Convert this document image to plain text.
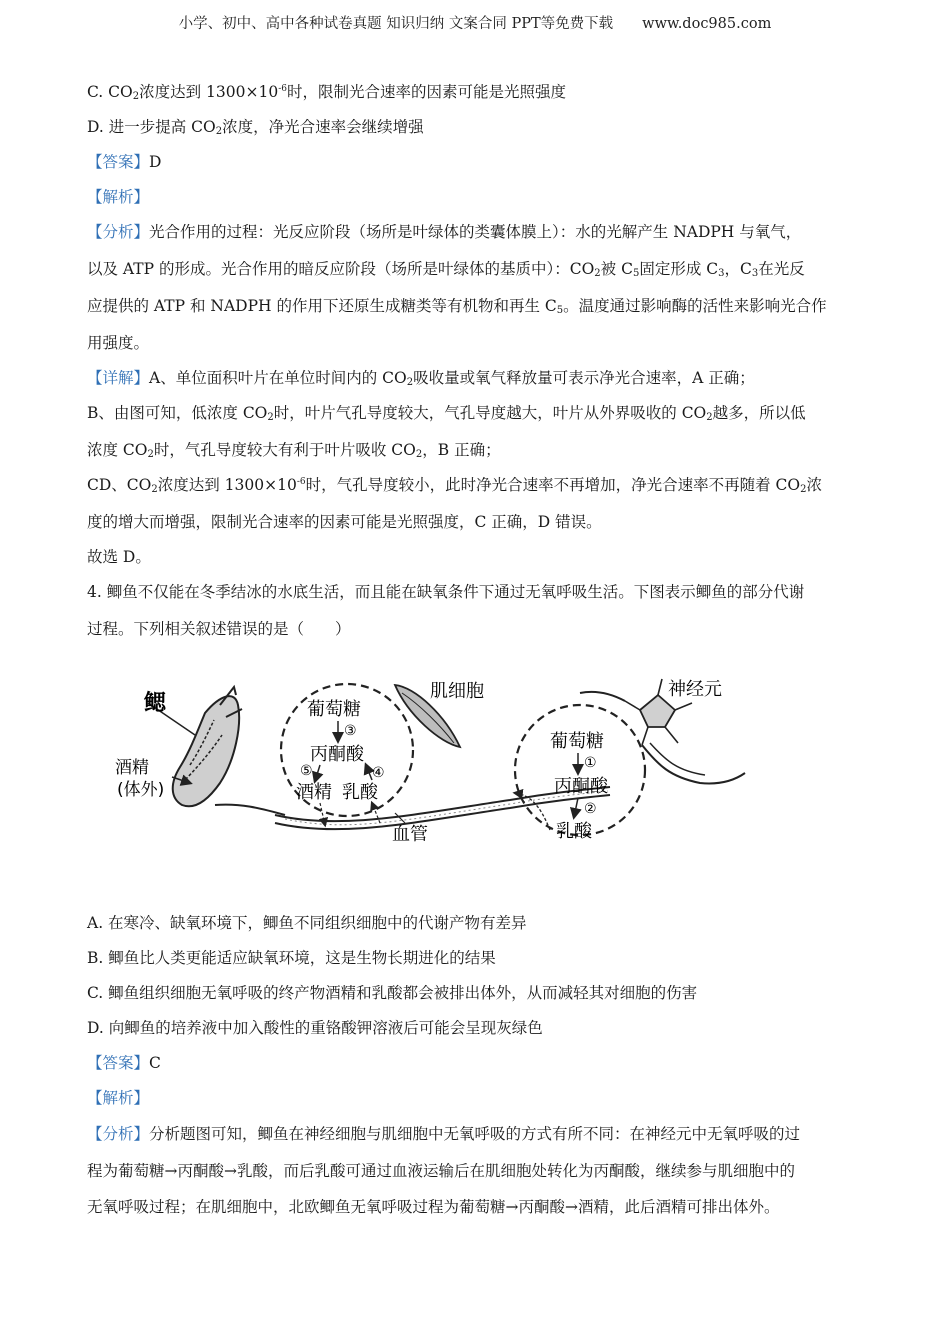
小学、初中、高中各种试卷真题 知识归纳 文案合同 PPT等免费下载　　www.doc985.com
C. $CO_2$浓度达到 $1300\times 10^{-6}$时，限制光合速率的因素可能是光照强度
D. 进一步提高 $CO_2$浓度，净光合速率会继续增强
【答案】D
【解析】
【分析】光合作用的过程：光反应阶段（场所是叶绿体的类囊体膜上）：水的光解产生 NADPH 与氧气，
以及 ATP 的形成。光合作用的暗反应阶段（场所是叶绿体的基质中）：$CO_2$被 $C_5$固定形成 $C_3$，$C_3$在光反
应提供的 ATP 和 NADPH 的作用下还原生成糖类等有机物和再生 $C_5$。温度通过影响酶的活性来影响光合作
用强度。
【详解】A、单位面积叶片在单位时间内的 $CO_2$吸收量或氧气释放量可表示净光合速率，A 正确；
B、由图可知，低浓度 $CO_2$时，叶片气孔导度较大，气孔导度越大，叶片从外界吸收的 $CO_2$越多，所以低
浓度 $CO_2$时，气孔导度较大有利于叶片吸收 $CO_2$，B 正确；
CD、$CO_2$浓度达到 $1300\times 10^{-6}$时，气孔导度较小，此时净光合速率不再增加，净光合速率不再随着 $CO_2$浓
度的增大而增强，限制光合速率的因素可能是光照强度，C 正确，D 错误。
故选 D。
4. 鲫鱼不仅能在冬季结冰的水底生活，而且能在缺氧条件下通过无氧呼吸生活。下图表示鲫鱼的部分代谢
过程。下列相关叙述错误的是（　　）
鳃
酒精
(体外)
血管
葡萄糖
③
丙酮酸
⑤	④
酒精 乳酸
肌细胞
葡萄糖
①
丙酮酸
②
乳酸
神经元
A. 在寒冷、缺氧环境下，鲫鱼不同组织细胞中的代谢产物有差异
B. 鲫鱼比人类更能适应缺氧环境，这是生物长期进化的结果
C. 鲫鱼组织细胞无氧呼吸的终产物酒精和乳酸都会被排出体外，从而减轻其对细胞的伤害
D. 向鲫鱼的培养液中加入酸性的重铬酸钾溶液后可能会呈现灰绿色
【答案】C
【解析】
【分析】分析题图可知，鲫鱼在神经细胞与肌细胞中无氧呼吸的方式有所不同：在神经元中无氧呼吸的过
程为葡萄糖→丙酮酸→乳酸，而后乳酸可通过血液运输后在肌细胞处转化为丙酮酸，继续参与肌细胞中的
无氧呼吸过程；在肌细胞中，北欧鲫鱼无氧呼吸过程为葡萄糖→丙酮酸→酒精，此后酒精可排出体外。
